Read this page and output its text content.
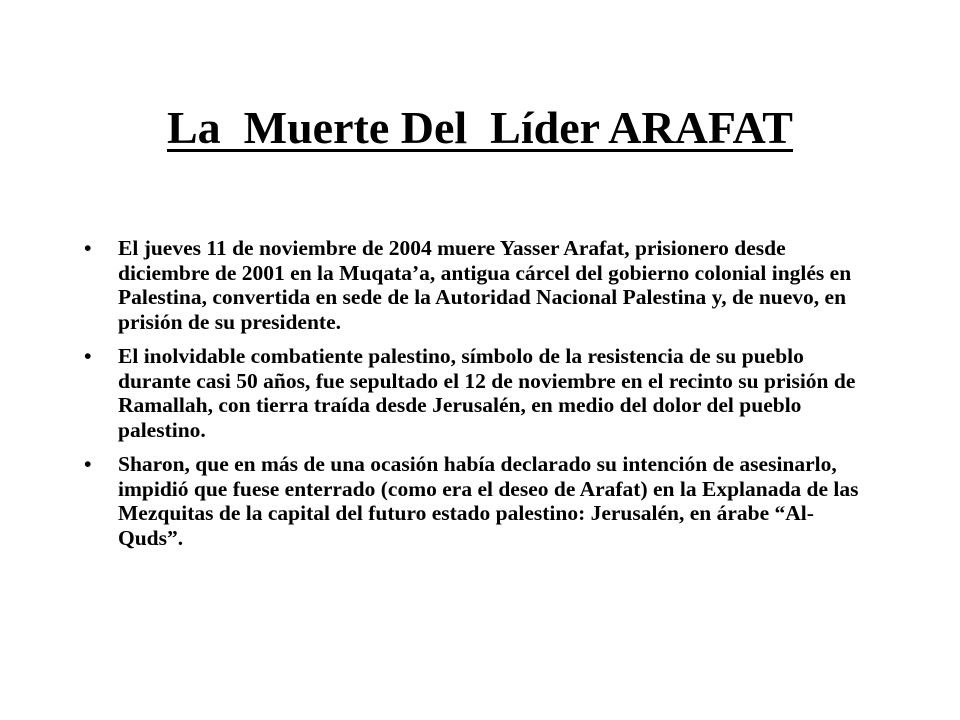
La  Muerte Del  Líder ARAFAT
• El jueves 11 de noviembre de 2004 muere Yasser Arafat, prisionero desde diciembre de 2001 en la Muqata’a, antigua cárcel del gobierno colonial inglés en Palestina, convertida en sede de la Autoridad Nacional Palestina y, de nuevo, en prisión de su presidente.
• El inolvidable combatiente palestino, símbolo de la resistencia de su pueblo durante casi 50 años, fue sepultado el 12 de noviembre en el recinto su prisión de Ramallah, con tierra traída desde Jerusalén, en medio del dolor del pueblo palestino.
• Sharon, que en más de una ocasión había declarado su intención de asesinarlo, impidió que fuese enterrado (como era el deseo de Arafat) en la Explanada de las Mezquitas de la capital del futuro estado palestino: Jerusalén, en árabe “Al-Quds”.
